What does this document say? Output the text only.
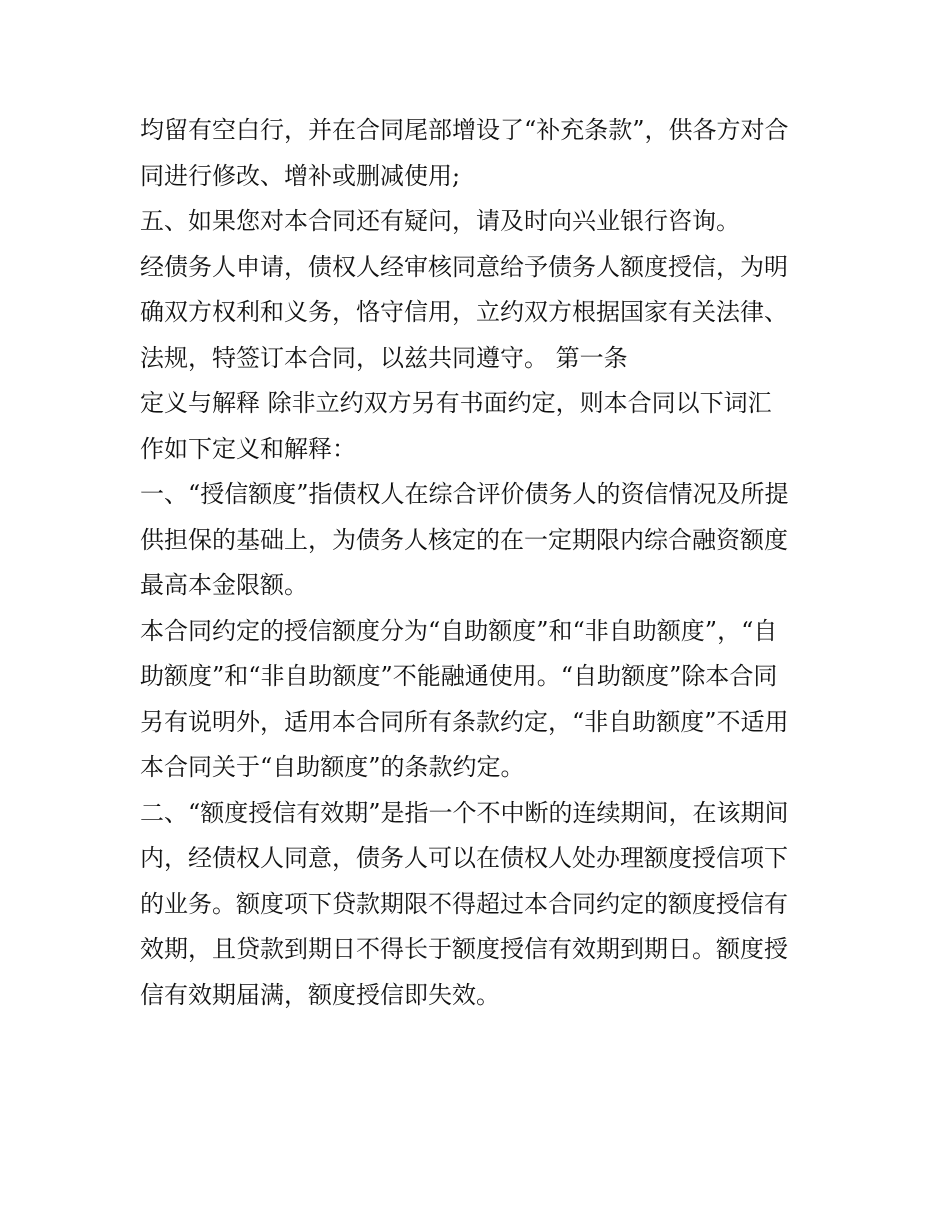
均留有空白行，并在合同尾部增设了“补充条款”，供各方对合
同进行修改、增补或删减使用;
五、如果您对本合同还有疑问，请及时向兴业银行咨询。
经债务人申请，债权人经审核同意给予债务人额度授信，为明
确双方权利和义务，恪守信用，立约双方根据国家有关法律、
法规，特签订本合同，以兹共同遵守。 第一条
定义与解释 除非立约双方另有书面约定，则本合同以下词汇
作如下定义和解释：
一、“授信额度”指债权人在综合评价债务人的资信情况及所提
供担保的基础上，为债务人核定的在一定期限内综合融资额度
最高本金限额。
本合同约定的授信额度分为“自助额度”和“非自助额度”，“自
助额度”和“非自助额度”不能融通使用。“自助额度”除本合同
另有说明外，适用本合同所有条款约定，“非自助额度”不适用
本合同关于“自助额度”的条款约定。
二、“额度授信有效期”是指一个不中断的连续期间，在该期间
内，经债权人同意，债务人可以在债权人处办理额度授信项下
的业务。额度项下贷款期限不得超过本合同约定的额度授信有
效期，且贷款到期日不得长于额度授信有效期到期日。额度授
信有效期届满，额度授信即失效。
